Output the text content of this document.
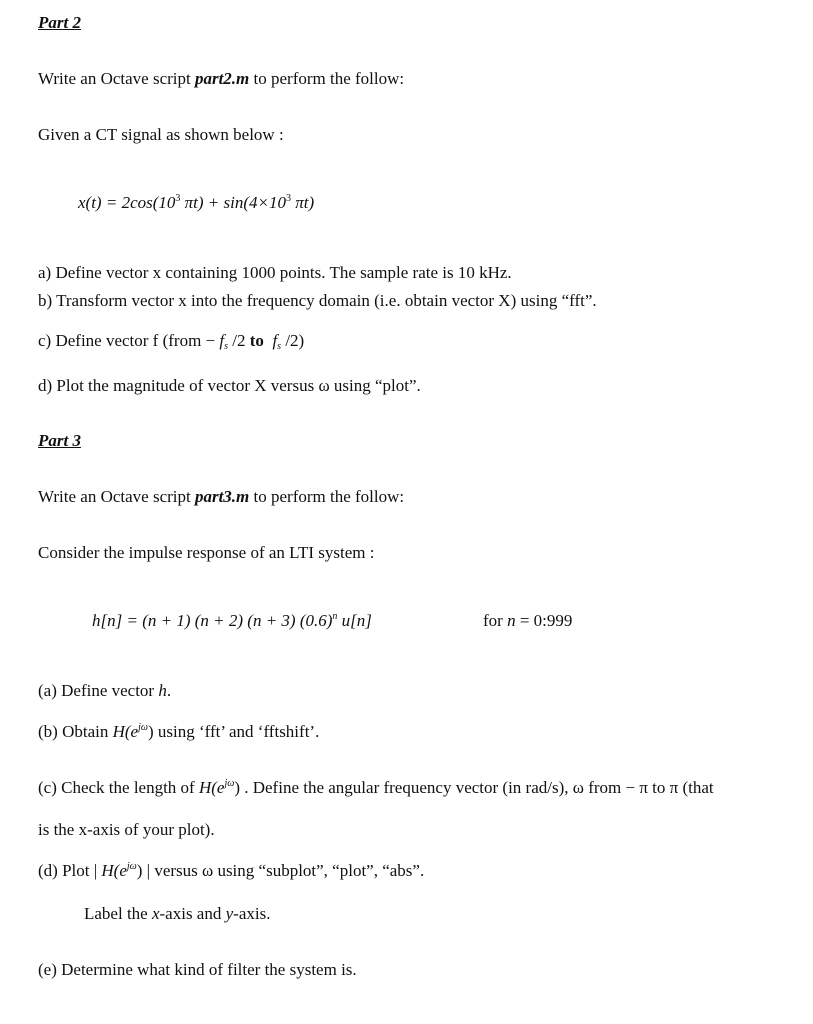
Part 2
Write an Octave script part2.m to perform the follow:
Given a CT signal as shown below :
$x(t) = 2\cos(10^3$ $\pi t) + \sin(4\times 10^3$ πt)
a) Define vector x containing 1000 points. The sample rate is 10 kHz.
b) Transform vector x into the frequency domain (i.e. obtain vector X) using “fft”.
c) Define vector f (from − $f_s$ /2 to $f_s$ /2)
d) Plot the magnitude of vector X versus ω using “plot”.
Part 3
Write an Octave script part3.m to perform the follow:
Consider the impulse response of an LTI system :
h[n] = (n + 1) (n + 2) (n + 3) $(0.6)^n$ u[n]	for n = 0:999
(a) Define vector h.
(b) Obtain $H(e^{j\omega})$ using ‘fft’ and ‘fftshift’.
(c) Check the length of $H(e^{j\omega})$ . Define the angular frequency vector (in rad/s), ω from − π to π (that
is the x-axis of your plot).
(d) Plot | $H(e^{j\omega})$ | versus ω using “subplot”, “plot”, “abs”.
Label the x-axis and y-axis.
(e) Determine what kind of filter the system is.
